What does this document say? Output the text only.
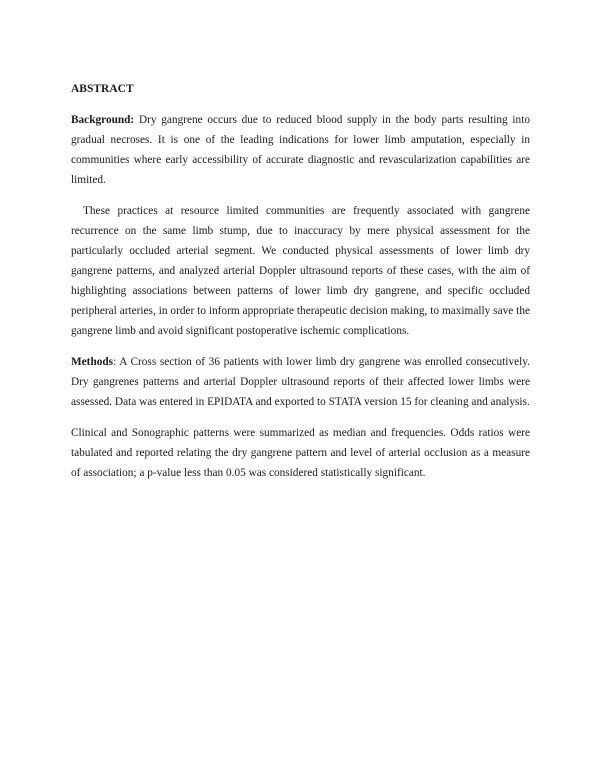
ABSTRACT

Background: Dry gangrene occurs due to reduced blood supply in the body parts resulting into gradual necroses. It is one of the leading indications for lower limb amputation, especially in communities where early accessibility of accurate diagnostic and revascularization capabilities are limited.

These practices at resource limited communities are frequently associated with gangrene recurrence on the same limb stump, due to inaccuracy by mere physical assessment for the particularly occluded arterial segment. We conducted physical assessments of lower limb dry gangrene patterns, and analyzed arterial Doppler ultrasound reports of these cases, with the aim of highlighting associations between patterns of lower limb dry gangrene, and specific occluded peripheral arteries, in order to inform appropriate therapeutic decision making, to maximally save the gangrene limb and avoid significant postoperative ischemic complications.

Methods: A Cross section of 36 patients with lower limb dry gangrene was enrolled consecutively. Dry gangrenes patterns and arterial Doppler ultrasound reports of their affected lower limbs were assessed. Data was entered in EPIDATA and exported to STATA version 15 for cleaning and analysis.

Clinical and Sonographic patterns were summarized as median and frequencies. Odds ratios were tabulated and reported relating the dry gangrene pattern and level of arterial occlusion as a measure of association; a p-value less than 0.05 was considered statistically significant.
